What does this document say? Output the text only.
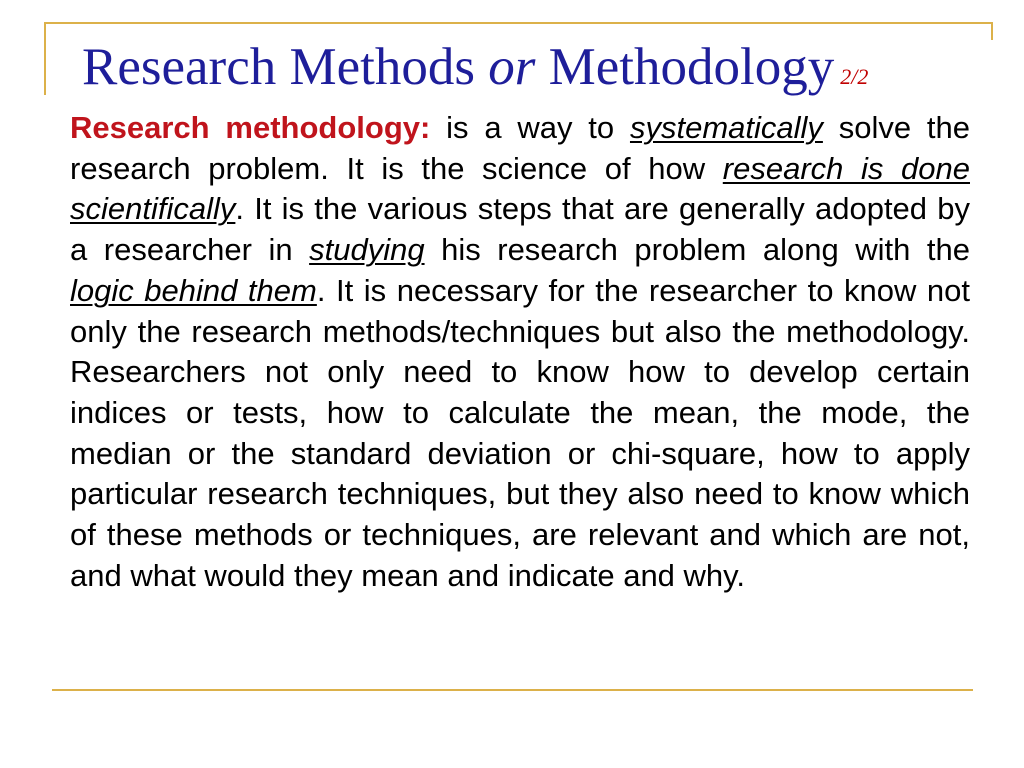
Research Methods or Methodology 2/2

Research methodology: is a way to systematically solve the research problem. It is the science of how research is done scientifically. It is the various steps that are generally adopted by a researcher in studying his research problem along with the logic behind them. It is necessary for the researcher to know not only the research methods/techniques but also the methodology. Researchers not only need to know how to develop certain indices or tests, how to calculate the mean, the mode, the median or the standard deviation or chi-square, how to apply particular research techniques, but they also need to know which of these methods or techniques, are relevant and which are not, and what would they mean and indicate and why.
